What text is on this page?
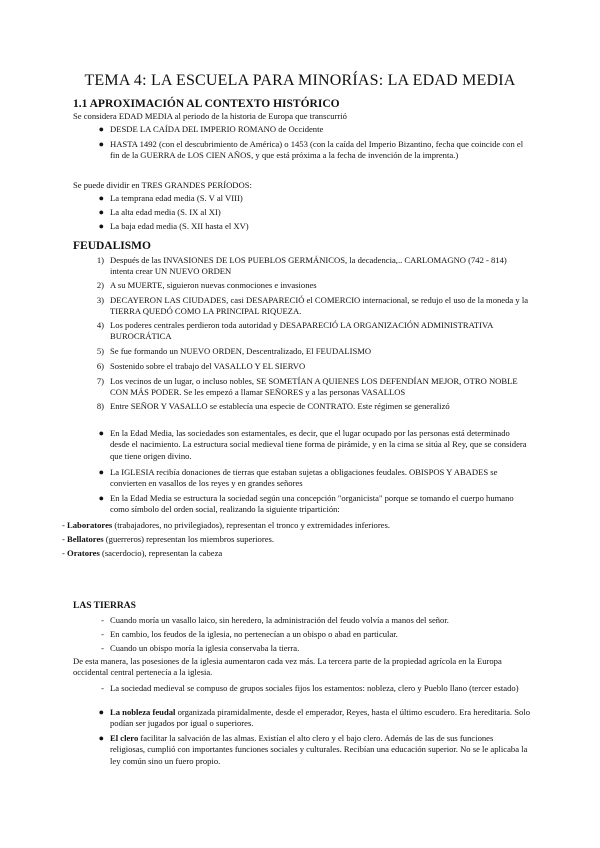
TEMA 4: LA ESCUELA PARA MINORÍAS: LA EDAD MEDIA
1.1 APROXIMACIÓN AL CONTEXTO HISTÓRICO
Se considera EDAD MEDIA al periodo de la historia de Europa que transcurrió
● DESDE LA CAÍDA DEL IMPERIO ROMANO de Occidente
● HASTA 1492 (con el descubrimiento de América) o 1453 (con la caída del Imperio Bizantino, fecha que coincide con el fin de la GUERRA de LOS CIEN AÑOS, y que está próxima a la fecha de invención de la imprenta.)
Se puede dividir en TRES GRANDES PERÍODOS:
● La temprana edad media (S. V al VIII)
● La alta edad media (S. IX al XI)
● La baja edad media (S. XII hasta el XV)
FEUDALISMO
1) Después de las INVASIONES DE LOS PUEBLOS GERMÁNICOS, la decadencia,.. CARLOMAGNO (742 - 814) intenta crear UN NUEVO ORDEN
2) A su MUERTE, siguieron nuevas conmociones e invasiones
3) DECAYERON LAS CIUDADES, casi DESAPARECIÓ el COMERCIO internacional, se redujo el uso de la moneda y la TIERRA QUEDÓ COMO LA PRINCIPAL RIQUEZA.
4) Los poderes centrales perdieron toda autoridad y DESAPARECIÓ LA ORGANIZACIÓN ADMINISTRATIVA BUROCRÁTICA
5) Se fue formando un NUEVO ORDEN, Descentralizado, El FEUDALISMO
6) Sostenido sobre el trabajo del VASALLO Y EL SIERVO
7) Los vecinos de un lugar, o incluso nobles, SE SOMETÍAN A QUIENES LOS DEFENDÍAN MEJOR, OTRO NOBLE CON MÁS PODER. Se les empezó a llamar SEÑORES y a las personas VASALLOS
8) Entre SEÑOR Y VASALLO se establecía una especie de CONTRATO. Este régimen se generalizó
● En la Edad Media, las sociedades son estamentales, es decir, que el lugar ocupado por las personas está determinado desde el nacimiento. La estructura social medieval tiene forma de pirámide, y en la cima se sitúa al Rey, que se considera que tiene origen divino.
● La IGLESIA recibía donaciones de tierras que estaban sujetas a obligaciones feudales. OBISPOS Y ABADES se convierten en vasallos de los reyes y en grandes señores
● En la Edad Media se estructura la sociedad según una concepción "organicista" porque se tomando el cuerpo humano como símbolo del orden social, realizando la siguiente tripartición:
- Laboratores (trabajadores, no privilegiados), representan el tronco y extremidades inferiores.
- Bellatores (guerreros) representan los miembros superiores.
- Oratores (sacerdocio), representan la cabeza
LAS TIERRAS
- Cuando moría un vasallo laico, sin heredero, la administración del feudo volvía a manos del señor.
- En cambio, los feudos de la iglesia, no pertenecían a un obispo o abad en particular.
- Cuando un obispo moría la iglesia conservaba la tierra.
De esta manera, las posesiones de la iglesia aumentaron cada vez más. La tercera parte de la propiedad agrícola en la Europa occidental central pertenecía a la iglesia.
- La sociedad medieval se compuso de grupos sociales fijos los estamentos: nobleza, clero y Pueblo llano (tercer estado)
● La nobleza feudal organizada piramidalmente, desde el emperador, Reyes, hasta el último escudero. Era hereditaria. Solo podían ser jugados por igual o superiores.
● El clero facilitar la salvación de las almas. Existían el alto clero y el bajo clero. Además de las de sus funciones religiosas, cumplió con importantes funciones sociales y culturales. Recibían una educación superior. No se le aplicaba la ley común sino un fuero propio.
